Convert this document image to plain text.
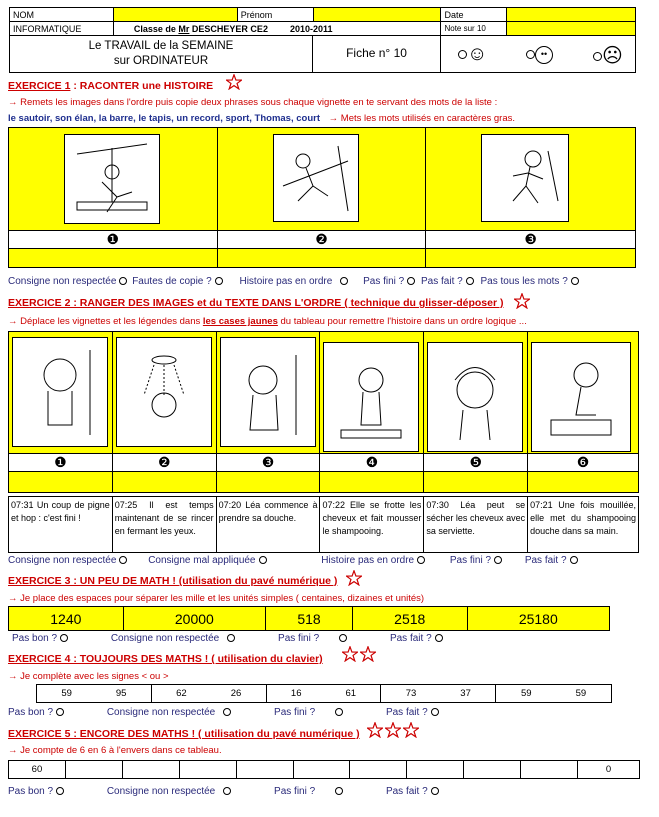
NOM		Prénom		Date	
INFORMATIQUE	Classe de Mr DESCHEYER CE2 2010-2011			Note sur 10	
Le TRAVAIL de la SEMAINE
sur ORDINATEUR
Fiche n° 10	☺	••	☹
EXERCICE 1 : RACONTER une HISTOIRE
→ Remets les images dans l'ordre puis copie deux phrases sous chaque vignette en te servant des mots de la liste :
le sautoir, son élan, la barre, le tapis, un record, sport, Thomas, court → Mets les mots utilisés en caractères gras.

❶	❷	❸

Consigne non respectée Fautes de copie ?	Histoire pas en ordre	Pas fini ? Pas fait ? Pas tous les mots ?
EXERCICE 2 : RANGER DES IMAGES et du TEXTE DANS L'ORDRE ( technique du glisser-déposer )
→ Déplace les vignettes et les légendes dans les cases jaunes du tableau pour remettre l'histoire dans un ordre logique ...

❶	❷	❸	❹	❺	❻

07:31 Un coup de pigne et hop : c'est fini !	07:25 Il est temps maintenant de se rincer en fermant les yeux.	07:20 Léa commence à prendre sa douche.	07:22 Elle se frotte les cheveux et fait mousser le shampooing.	07:30 Léa peut se sécher les cheveux avec sa serviette.	07:21 Une fois mouillée, elle met du shampooing douche dans sa main.
Consigne non respectée	Consigne mal appliquée	Histoire pas en ordre	Pas fini ?	Pas fait ?
EXERCICE 3 : UN PEU DE MATH ! (utilisation du pavé numérique )
→ Je place des espaces pour séparer les mille et les unités simples ( centaines, dizaines et unités)
1240	20000	518	2518	25180
Pas bon ?	Consigne non respectée	Pas fini ?	Pas fait ?
EXERCICE 4 : TOUJOURS DES MATHS ! ( utilisation du clavier)
→ Je complète avec les signes < ou >
59	95	62	26	16	61	73	37	59	59
Pas bon ?	Consigne non respectée	Pas fini ?	Pas fait ?
EXERCICE 5 : ENCORE DES MATHS ! ( utilisation du pavé numérique )
→ Je compte de 6 en 6 à l'envers dans ce tableau.
60										0
Pas bon ?	Consigne non respectée	Pas fini ?	Pas fait ?
